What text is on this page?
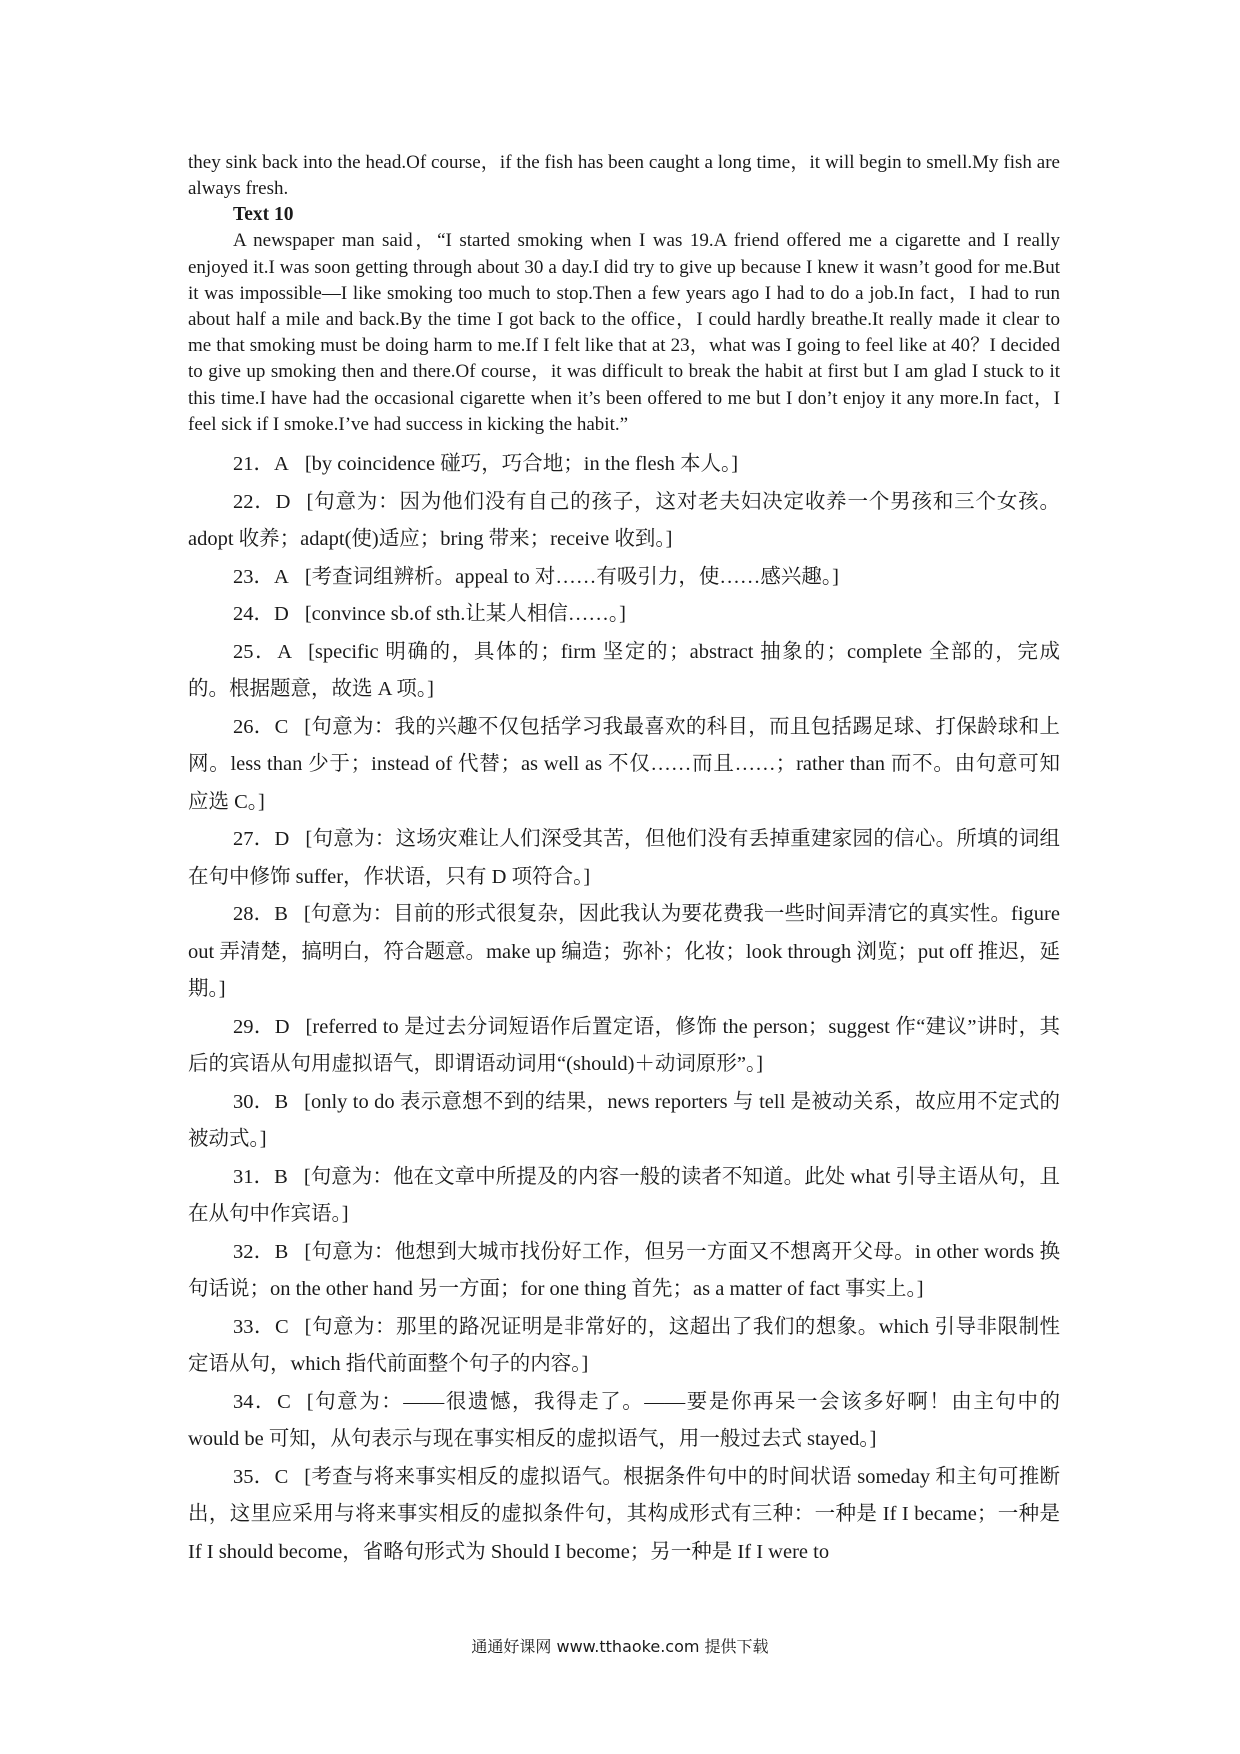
they sink back into the head.Of course，if the fish has been caught a long time，it will begin to smell.My fish are always fresh.

Text 10

A newspaper man said，“I started smoking when I was 19.A friend offered me a cigarette and I really enjoyed it.I was soon getting through about 30 a day.I did try to give up because I knew it wasn’t good for me.But it was impossible—I like smoking too much to stop.Then a few years ago I had to do a job.In fact，I had to run about half a mile and back.By the time I got back to the office，I could hardly breathe.It really made it clear to me that smoking must be doing harm to me.If I felt like that at 23，what was I going to feel like at 40？I decided to give up smoking then and there.Of course，it was difficult to break the habit at first but I am glad I stuck to it this time.I have had the occasional cigarette when it’s been offered to me but I don’t enjoy it any more.In fact，I feel sick if I smoke.I’ve had success in kicking the habit.”

21．A [by coincidence 碰巧，巧合地；in the flesh 本人。]

22．D [句意为：因为他们没有自己的孩子，这对老夫妇决定收养一个男孩和三个女孩。adopt 收养；adapt(使)适应；bring 带来；receive 收到。]

23．A [考查词组辨析。appeal to 对……有吸引力，使……感兴趣。]

24．D [convince sb.of sth.让某人相信……。]

25．A [specific 明确的，具体的；firm 坚定的；abstract 抽象的；complete 全部的，完成的。根据题意，故选 A 项。]

26．C [句意为：我的兴趣不仅包括学习我最喜欢的科目，而且包括踢足球、打保龄球和上网。less than 少于；instead of 代替；as well as 不仅……而且……；rather than 而不。由句意可知应选 C。]

27．D [句意为：这场灾难让人们深受其苦，但他们没有丢掉重建家园的信心。所填的词组在句中修饰 suffer，作状语，只有 D 项符合。]

28．B [句意为：目前的形式很复杂，因此我认为要花费我一些时间弄清它的真实性。figure out 弄清楚，搞明白，符合题意。make up 编造；弥补；化妆；look through 浏览；put off 推迟，延期。]

29．D [referred to 是过去分词短语作后置定语，修饰 the person；suggest 作“建议”讲时，其后的宾语从句用虚拟语气，即谓语动词用“(should)＋动词原形”。]

30．B [only to do 表示意想不到的结果，news reporters 与 tell 是被动关系，故应用不定式的被动式。]

31．B [句意为：他在文章中所提及的内容一般的读者不知道。此处 what 引导主语从句，且在从句中作宾语。]

32．B [句意为：他想到大城市找份好工作，但另一方面又不想离开父母。in other words 换句话说；on the other hand 另一方面；for one thing 首先；as a matter of fact 事实上。]

33．C [句意为：那里的路况证明是非常好的，这超出了我们的想象。which 引导非限制性定语从句，which 指代前面整个句子的内容。]

34．C [句意为：——很遗憾，我得走了。——要是你再呆一会该多好啊！由主句中的 would be 可知，从句表示与现在事实相反的虚拟语气，用一般过去式 stayed。]

35．C [考查与将来事实相反的虚拟语气。根据条件句中的时间状语 someday 和主句可推断出，这里应采用与将来事实相反的虚拟条件句，其构成形式有三种：一种是 If I became；一种是 If I should become，省略句形式为 Should I become；另一种是 If I were to

通通好课网 www.tthaoke.com 提供下载
